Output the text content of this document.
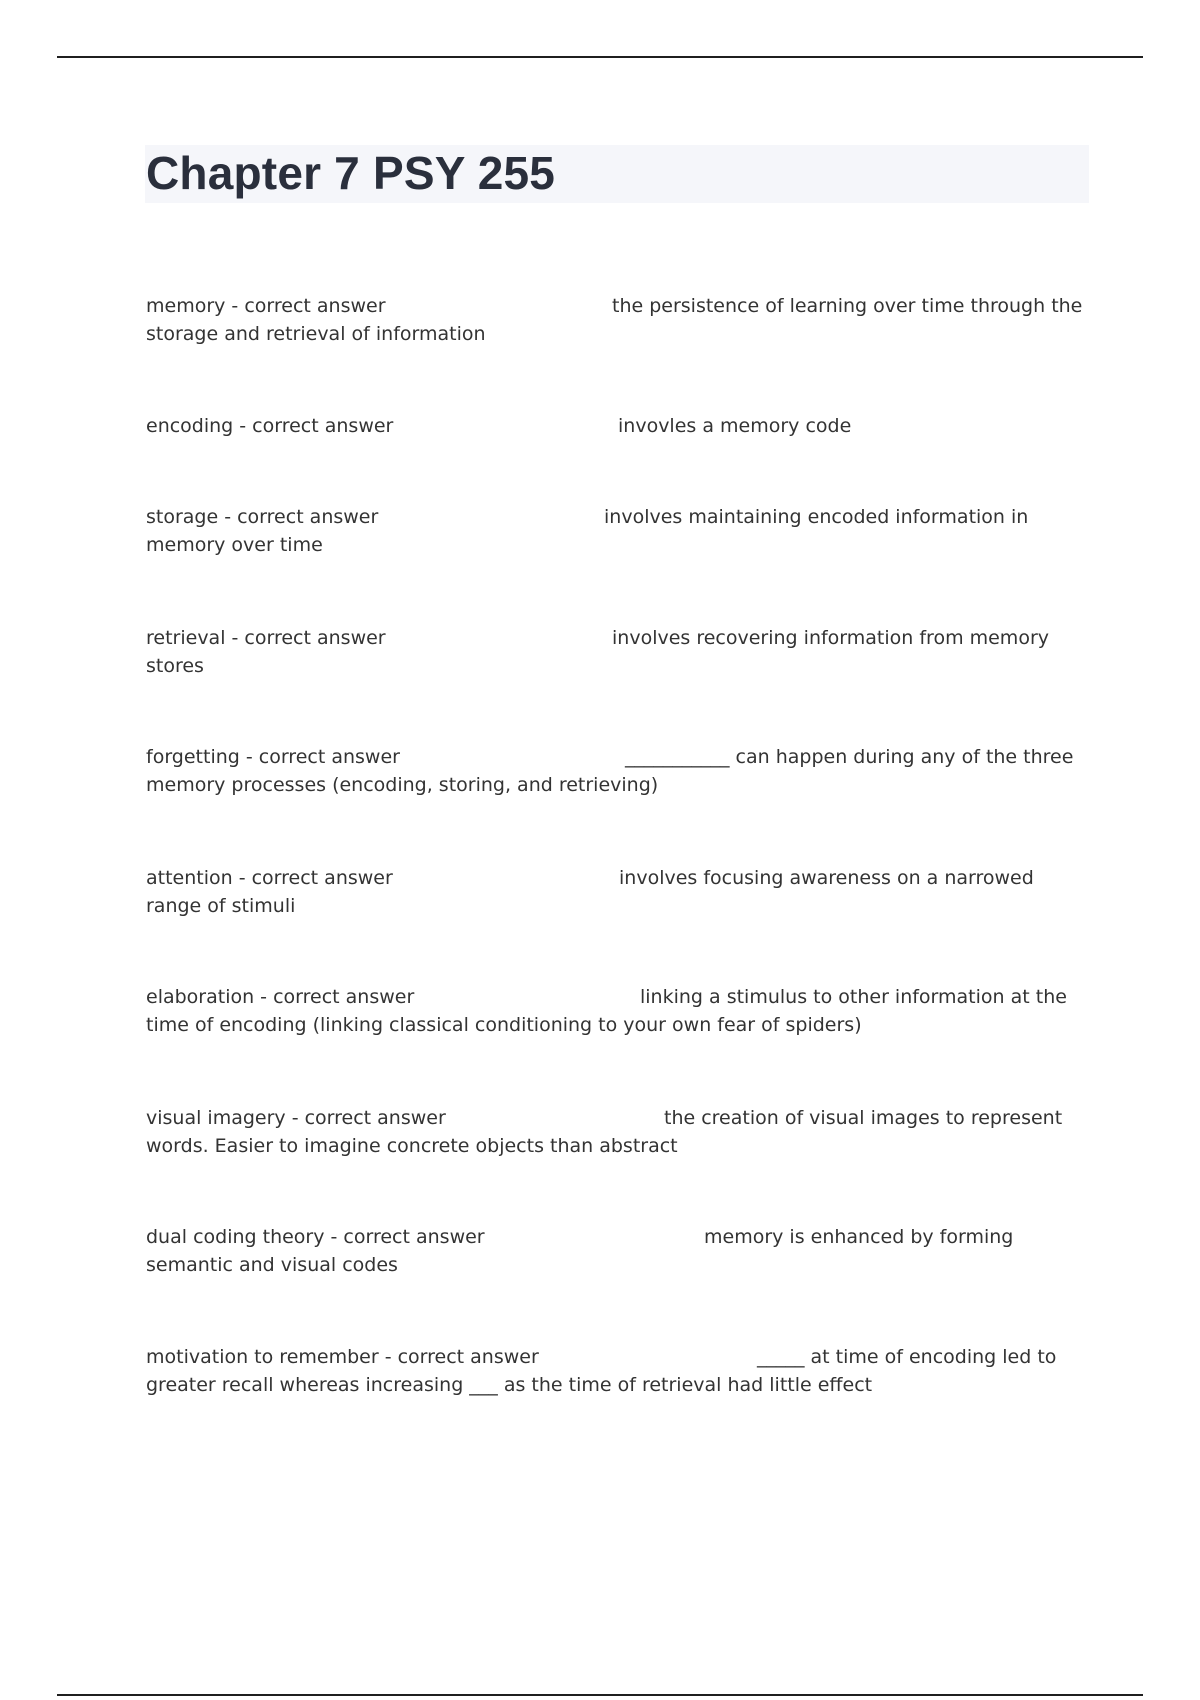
Chapter 7 PSY 255
memory - correct answer	the persistence of learning over time through the storage and retrieval of information
encoding - correct answer	invovles a memory code
storage - correct answer	involves maintaining encoded information in memory over time
retrieval - correct answer	involves recovering information from memory stores
forgetting - correct answer	___________ can happen during any of the three memory processes (encoding, storing, and retrieving)
attention - correct answer	involves focusing awareness on a narrowed range of stimuli
elaboration - correct answer	linking a stimulus to other information at the time of encoding (linking classical conditioning to your own fear of spiders)
visual imagery - correct answer	the creation of visual images to represent words. Easier to imagine concrete objects than abstract
dual coding theory - correct answer	memory is enhanced by forming semantic and visual codes
motivation to remember - correct answer	_____ at time of encoding led to greater recall whereas increasing ___ as the time of retrieval had little effect
